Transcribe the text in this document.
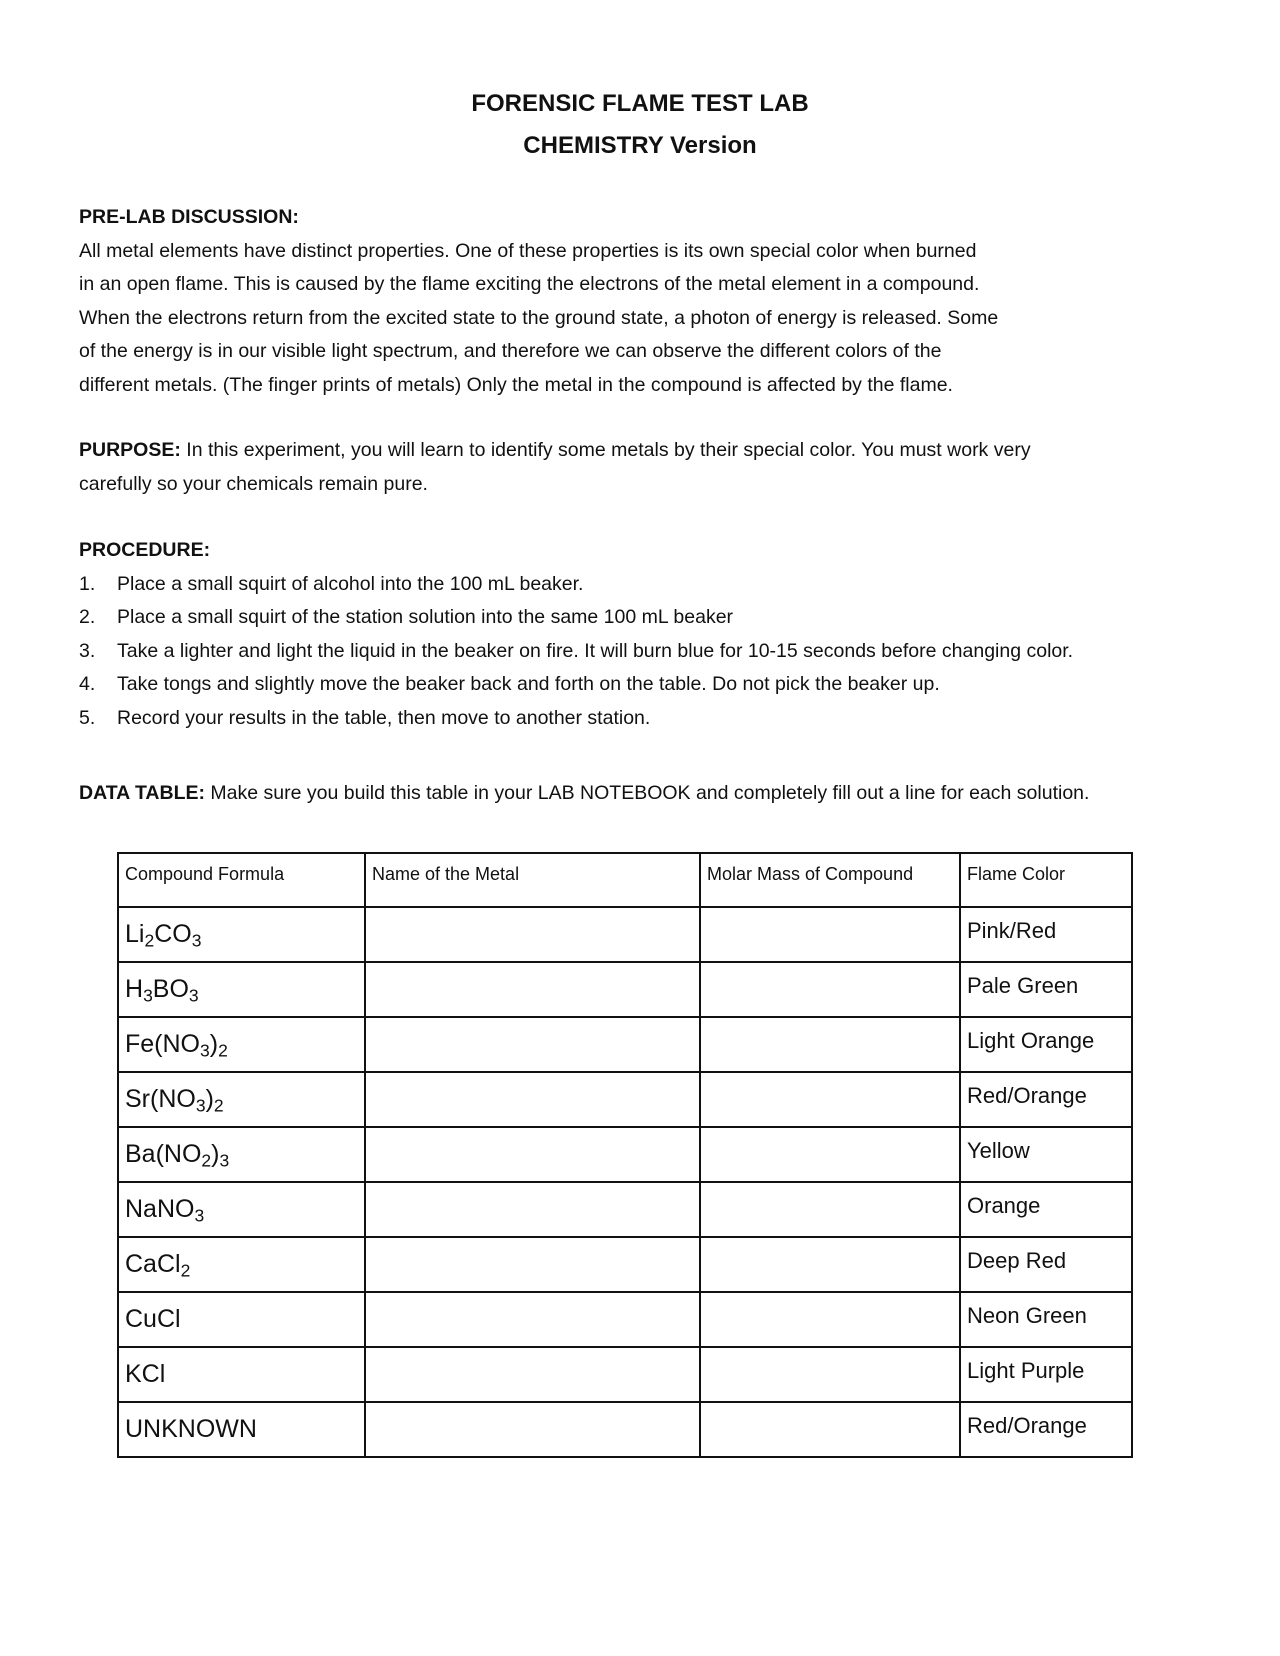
FORENSIC FLAME TEST LAB
CHEMISTRY Version

PRE-LAB DISCUSSION:

All metal elements have distinct properties. One of these properties is its own special color when burned

in an open flame. This is caused by the flame exciting the electrons of the metal element in a compound.

When the electrons return from the excited state to the ground state, a photon of energy is released. Some

of the energy is in our visible light spectrum, and therefore we can observe the different colors of the

different metals. (The finger prints of metals) Only the metal in the compound is affected by the flame.

PURPOSE: In this experiment, you will learn to identify some metals by their special color. You must work very

carefully so your chemicals remain pure.

PROCEDURE:

1.	Place a small squirt of alcohol into the 100 mL beaker.
2.	Place a small squirt of the station solution into the same 100 mL beaker
3.	Take a lighter and light the liquid in the beaker on fire. It will burn blue for 10-15 seconds before changing color.
4.	Take tongs and slightly move the beaker back and forth on the table. Do not pick the beaker up.
5.	Record your results in the table, then move to another station.

DATA TABLE: Make sure you build this table in your LAB NOTEBOOK and completely fill out a line for each solution.

Compound Formula	Name of the Metal	Molar Mass of Compound	Flame Color
$Li_2CO_3$			Pink/Red
$H_3BO_3$			Pale Green
$Fe(NO_3)_2$			Light Orange
$Sr(NO_3)_2$			Red/Orange
$Ba(NO_2)_3$			Yellow
NaNO$_3$			Orange
CaCl$_2$			Deep Red
CuCl			Neon Green
KCl			Light Purple
UNKNOWN			Red/Orange
